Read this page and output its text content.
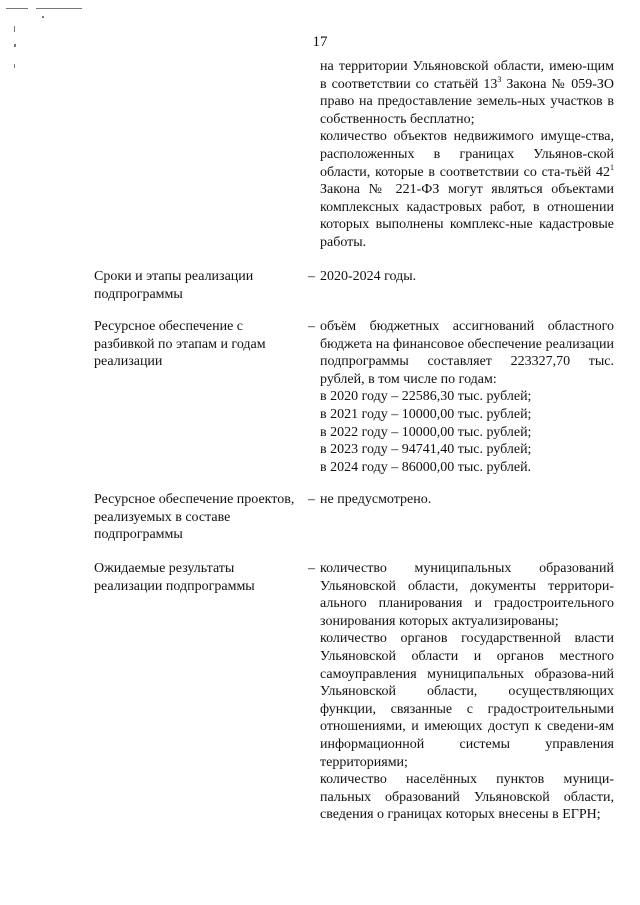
17

на территории Ульяновской области, имею-щим в соответствии со статьёй $13^3$ Закона № 059-ЗО право на предоставление земель-ных участков в собственность бесплатно;

количество объектов недвижимого имуще-ства, расположенных в границах Ульянов-ской области, которые в соответствии со ста-тьёй $42^1$ Закона № 221-ФЗ могут являться объектами комплексных кадастровых работ, в отношении которых выполнены комплекс-ные кадастровые работы.

Сроки и этапы реализации подпрограммы
– 2020-2024 годы.
Ресурсное обеспечение с разбивкой по этапам и годам реализации
– объём бюджетных ассигнований областного бюджета на финансовое обеспечение реализации подпрограммы составляет 223327,70 тыс. рублей, в том числе по годам:

в 2020 году – 22586,30 тыс. рублей;
в 2021 году – 10000,00 тыс. рублей;
в 2022 году – 10000,00 тыс. рублей;
в 2023 году – 94741,40 тыс. рублей;
в 2024 году – 86000,00 тыс. рублей.
Ресурсное обеспечение проектов, реализуемых в составе подпрограммы
– не предусмотрено.
Ожидаемые результаты реализации подпрограммы
– количество муниципальных образований Ульяновской области, документы территори-ального планирования и градостроительного зонирования которых актуализированы;

количество органов государственной власти Ульяновской области и органов местного самоуправления муниципальных образова-ний Ульяновской области, осуществляющих функции, связанные с градостроительными отношениями, и имеющих доступ к сведени-ям информационной системы управления территориями;

количество населённых пунктов муници-пальных образований Ульяновской области, сведения о границах которых внесены в ЕГРН;
